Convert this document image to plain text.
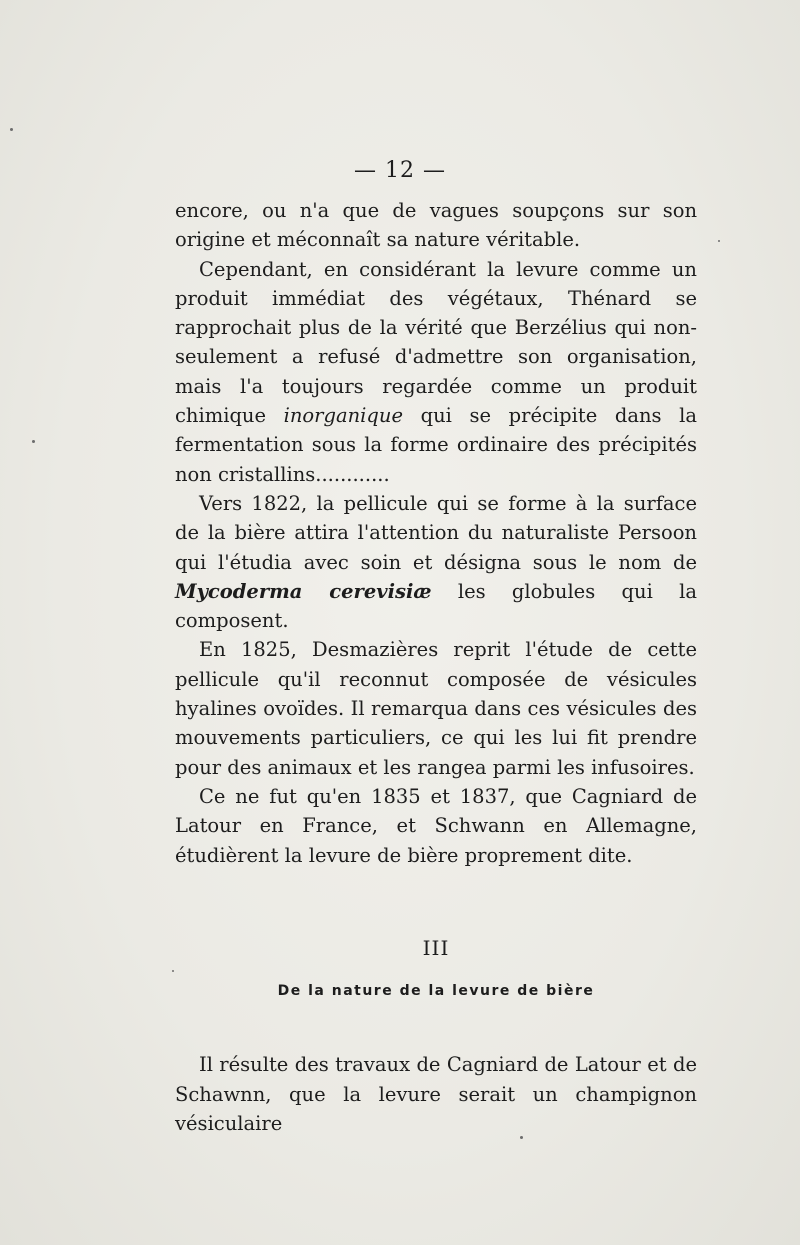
— 12 —

encore, ou n'a que de vagues soupçons sur son origine et méconnaît sa nature véritable.

Cependant, en considérant la levure comme un produit immédiat des végétaux, Thénard se rapprochait plus de la vérité que Berzélius qui non-seulement a refusé d'admettre son organisation, mais l'a toujours regardée comme un produit chimique inorganique qui se précipite dans la fermentation sous la forme ordinaire des précipités non cristallins............

Vers 1822, la pellicule qui se forme à la surface de la bière attira l'attention du naturaliste Persoon qui l'étudia avec soin et désigna sous le nom de Mycoderma cerevisiæ les globules qui la composent.

En 1825, Desmazières reprit l'étude de cette pellicule qu'il reconnut composée de vésicules hyalines ovoïdes. Il remarqua dans ces vésicules des mouvements particuliers, ce qui les lui fit prendre pour des animaux et les rangea parmi les infusoires.

Ce ne fut qu'en 1835 et 1837, que Cagniard de Latour en France, et Schwann en Allemagne, étudièrent la levure de bière proprement dite.

III
De la nature de la levure de bière

Il résulte des travaux de Cagniard de Latour et de Schawnn, que la levure serait un champignon vésiculaire
